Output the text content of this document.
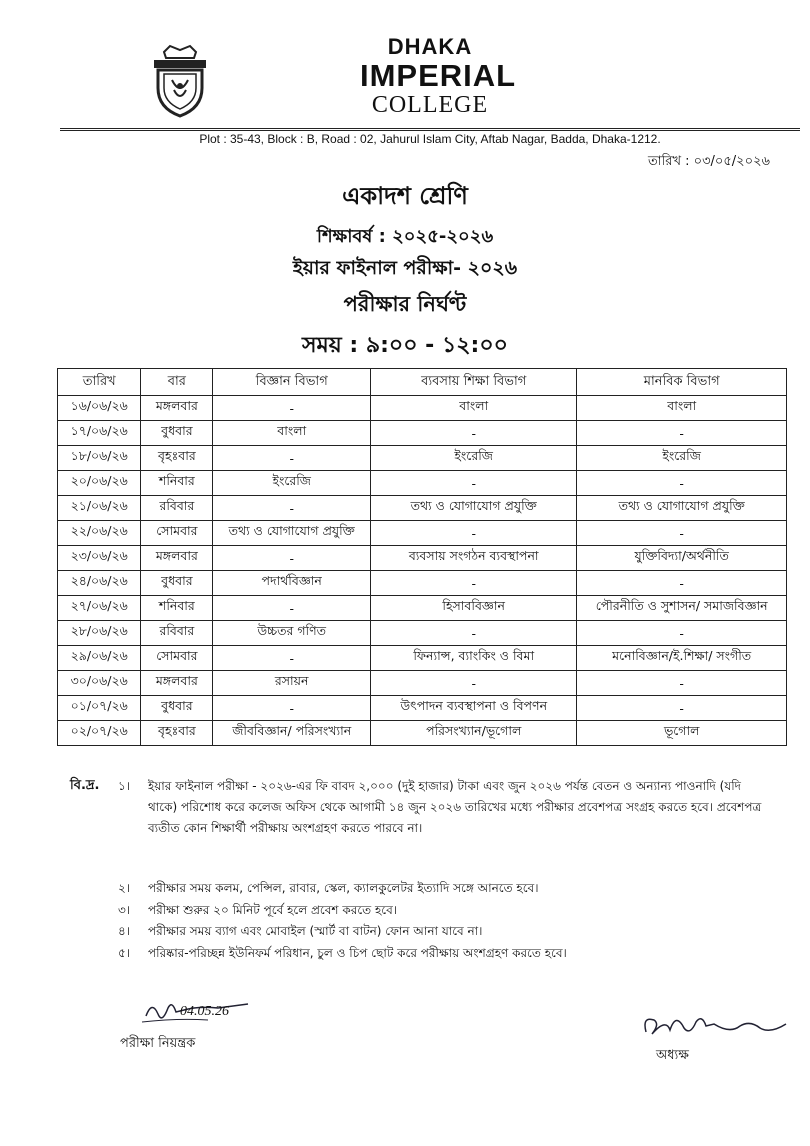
DHAKA
IMPERIAL
COLLEGE
Plot : 35-43, Block : B, Road : 02, Jahurul Islam City, Aftab Nagar, Badda, Dhaka-1212.
তারিখ : ০৩/০৫/২০২৬
একাদশ শ্রেণি
শিক্ষাবর্ষ : ২০২৫-২০২৬
ইয়ার ফাইনাল পরীক্ষা- ২০২৬
পরীক্ষার নির্ঘণ্ট
সময় : ৯:০০ - ১২:০০
তারিখ	বার	বিজ্ঞান বিভাগ	ব্যবসায় শিক্ষা বিভাগ	মানবিক বিভাগ
১৬/০৬/২৬	মঙ্গলবার	-	বাংলা	বাংলা
১৭/০৬/২৬	বুধবার	বাংলা	-	-
১৮/০৬/২৬	বৃহঃবার	-	ইংরেজি	ইংরেজি
২০/০৬/২৬	শনিবার	ইংরেজি	-	-
২১/০৬/২৬	রবিবার	-	তথ্য ও যোগাযোগ প্রযুক্তি	তথ্য ও যোগাযোগ প্রযুক্তি
২২/০৬/২৬	সোমবার	তথ্য ও যোগাযোগ প্রযুক্তি	-	-
২৩/০৬/২৬	মঙ্গলবার	-	ব্যবসায় সংগঠন ব্যবস্থাপনা	যুক্তিবিদ্যা/অর্থনীতি
২৪/০৬/২৬	বুধবার	পদার্থবিজ্ঞান	-	-
২৭/০৬/২৬	শনিবার	-	হিসাববিজ্ঞান	পৌরনীতি ও সুশাসন/ সমাজবিজ্ঞান
২৮/০৬/২৬	রবিবার	উচ্চতর গণিত	-	-
২৯/০৬/২৬	সোমবার	-	ফিন্যান্স, ব্যাংকিং ও বিমা	মনোবিজ্ঞান/ই.শিক্ষা/ সংগীত
৩০/০৬/২৬	মঙ্গলবার	রসায়ন	-	-
০১/০৭/২৬	বুধবার	-	উৎপাদন ব্যবস্থাপনা ও বিপণন	-
০২/০৭/২৬	বৃহঃবার	জীববিজ্ঞান/ পরিসংখ্যান	পরিসংখ্যান/ভূগোল	ভূগোল
বি.দ্র. ১।	ইয়ার ফাইনাল পরীক্ষা - ২০২৬-এর ফি বাবদ ২,০০০ (দুই হাজার) টাকা এবং জুন ২০২৬ পর্যন্ত বেতন ও অন্যান্য পাওনাদি (যদি থাকে) পরিশোধ করে কলেজ অফিস থেকে আগামী ১৪ জুন ২০২৬ তারিখের মধ্যে পরীক্ষার প্রবেশপত্র সংগ্রহ করতে হবে। প্রবেশপত্র ব্যতীত কোন শিক্ষার্থী পরীক্ষায় অংশগ্রহণ করতে পারবে না।
২।	পরীক্ষার সময় কলম, পেন্সিল, রাবার, স্কেল, ক্যালকুলেটর ইত্যাদি সঙ্গে আনতে হবে।
৩।	পরীক্ষা শুরুর ২০ মিনিট পূর্বে হলে প্রবেশ করতে হবে।
৪।	পরীক্ষার সময় ব্যাগ এবং মোবাইল (স্মার্ট বা বাটন) ফোন আনা যাবে না।
৫।	পরিষ্কার-পরিচ্ছন্ন ইউনিফর্ম পরিধান, চুল ও চিপ ছোট করে পরীক্ষায় অংশগ্রহণ করতে হবে।
04.05.26
পরীক্ষা নিয়ন্ত্রক
অধ্যক্ষ
